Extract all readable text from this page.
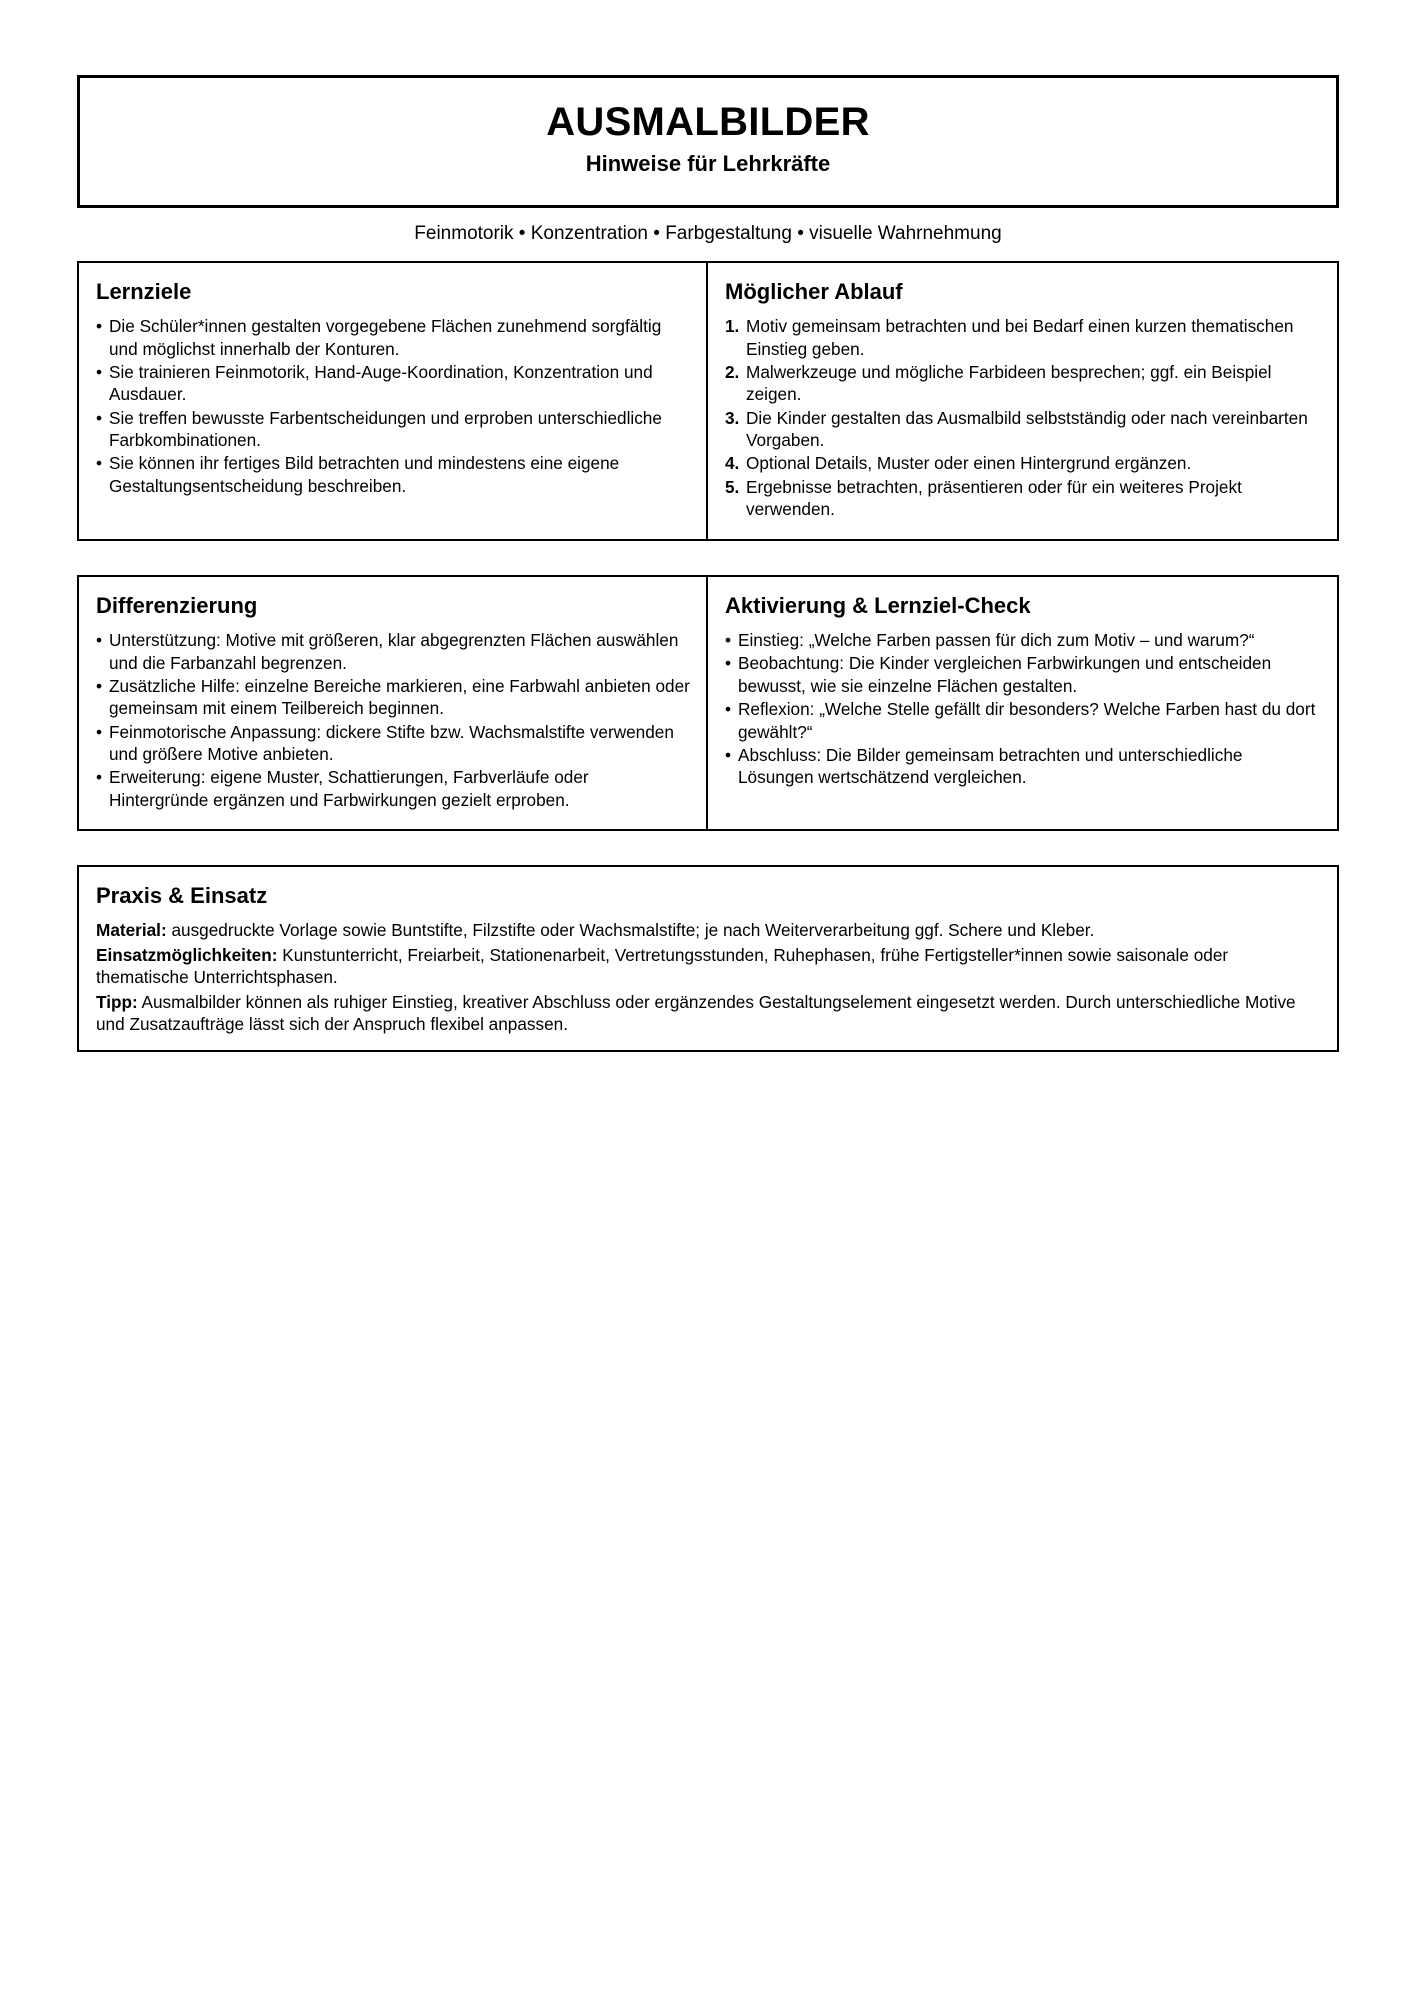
AUSMALBILDER
Hinweise für Lehrkräfte
Feinmotorik • Konzentration • Farbgestaltung • visuelle Wahrnehmung
Lernziele
• Die Schüler*innen gestalten vorgegebene Flächen zunehmend sorgfältig und möglichst innerhalb der Konturen.
• Sie trainieren Feinmotorik, Hand-Auge-Koordination, Konzentration und Ausdauer.
• Sie treffen bewusste Farbentscheidungen und erproben unterschiedliche Farbkombinationen.
• Sie können ihr fertiges Bild betrachten und mindestens eine eigene Gestaltungsentscheidung beschreiben.
Möglicher Ablauf
1. Motiv gemeinsam betrachten und bei Bedarf einen kurzen thematischen Einstieg geben.
2. Malwerkzeuge und mögliche Farbideen besprechen; ggf. ein Beispiel zeigen.
3. Die Kinder gestalten das Ausmalbild selbstständig oder nach vereinbarten Vorgaben.
4. Optional Details, Muster oder einen Hintergrund ergänzen.
5. Ergebnisse betrachten, präsentieren oder für ein weiteres Projekt verwenden.
Differenzierung
• Unterstützung: Motive mit größeren, klar abgegrenzten Flächen auswählen und die Farbanzahl begrenzen.
• Zusätzliche Hilfe: einzelne Bereiche markieren, eine Farbwahl anbieten oder gemeinsam mit einem Teilbereich beginnen.
• Feinmotorische Anpassung: dickere Stifte bzw. Wachsmalstifte verwenden und größere Motive anbieten.
• Erweiterung: eigene Muster, Schattierungen, Farbverläufe oder Hintergründe ergänzen und Farbwirkungen gezielt erproben.
Aktivierung & Lernziel-Check
• Einstieg: „Welche Farben passen für dich zum Motiv – und warum?“
• Beobachtung: Die Kinder vergleichen Farbwirkungen und entscheiden bewusst, wie sie einzelne Flächen gestalten.
• Reflexion: „Welche Stelle gefällt dir besonders? Welche Farben hast du dort gewählt?“
• Abschluss: Die Bilder gemeinsam betrachten und unterschiedliche Lösungen wertschätzend vergleichen.
Praxis & Einsatz

Material: ausgedruckte Vorlage sowie Buntstifte, Filzstifte oder Wachsmalstifte; je nach Weiterverarbeitung ggf. Schere und Kleber.

Einsatzmöglichkeiten: Kunstunterricht, Freiarbeit, Stationenarbeit, Vertretungsstunden, Ruhephasen, frühe Fertigsteller*innen sowie saisonale oder thematische Unterrichtsphasen.

Tipp: Ausmalbilder können als ruhiger Einstieg, kreativer Abschluss oder ergänzendes Gestaltungselement eingesetzt werden. Durch unterschiedliche Motive und Zusatzaufträge lässt sich der Anspruch flexibel anpassen.
